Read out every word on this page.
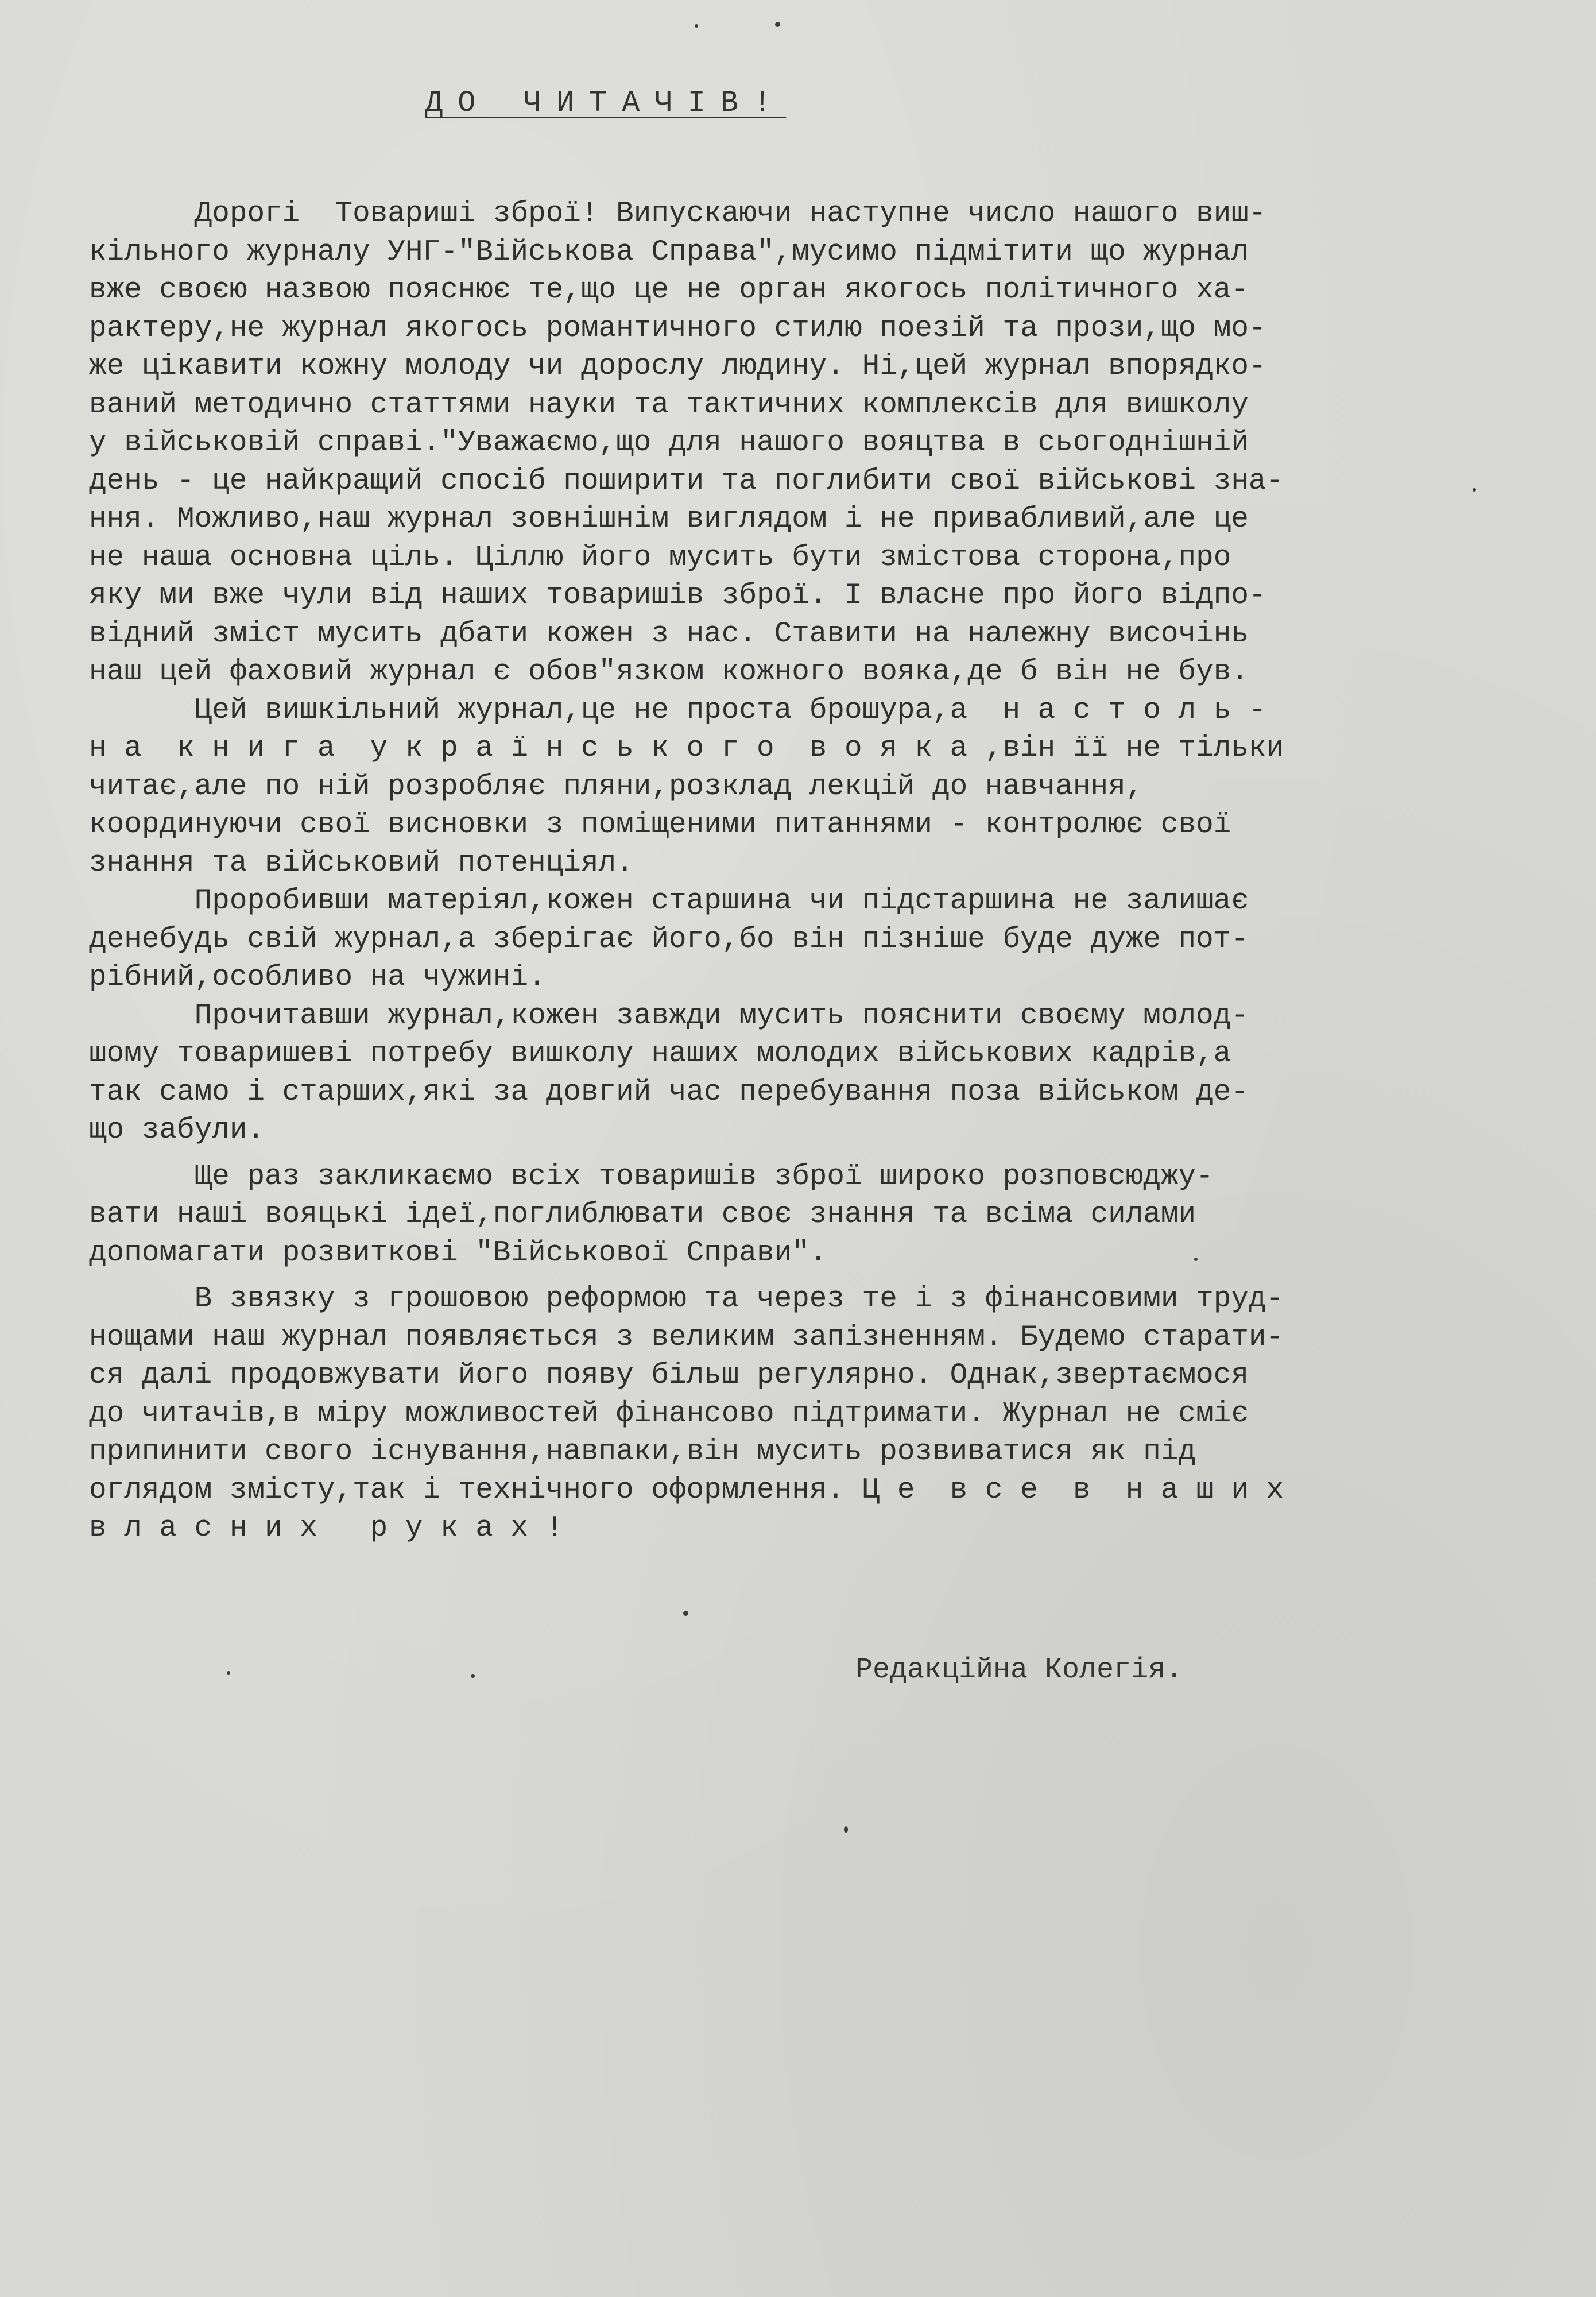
ДО ЧИТАЧІВ!
Дорогі  Товариші зброї! Випускаючи наступне число нашого виш-
кільного журналу УНГ-"Військова Справа",мусимо підмітити що журнал
вже своєю назвою пояснює те,що це не орган якогось політичного ха-
рактеру,не журнал якогось романтичного стилю поезій та прози,що мо-
же цікавити кожну молоду чи дорослу людину. Ні,цей журнал впорядко-
ваний методично статтями науки та тактичних комплексів для вишколу
у військовій справі."Уважаємо,що для нашого вояцтва в сьогоднішній
день - це найкращий спосіб поширити та поглибити свої військові зна-
ння. Можливо,наш журнал зовнішнім виглядом і не привабливий,але це
не наша основна ціль. Ціллю його мусить бути змістова сторона,про
яку ми вже чули від наших товаришів зброї. І власне про його відпо-
відний зміст мусить дбати кожен з нас. Ставити на належну височінь
наш цей фаховий журнал є обов"язком кожного вояка,де б він не був.
Цей вишкільний журнал,це не проста брошура,а  н а с т о л ь -
н а  к н и г а  у к р а ї н с ь к о г о  в о я к а ,він її не тільки
читає,але по ній розробляє пляни,розклад лекцій до навчання,
координуючи свої висновки з поміщеними питаннями - контролює свої
знання та військовий потенціял.
Проробивши матеріял,кожен старшина чи підстаршина не залишає
денебудь свій журнал,а зберігає його,бо він пізніше буде дуже пот-
рібний,особливо на чужині.
Прочитавши журнал,кожен завжди мусить пояснити своєму молод-
шому товаришеві потребу вишколу наших молодих військових кадрів,а
так само і старших,які за довгий час перебування поза військом де-
що забули.
Ще раз закликаємо всіх товаришів зброї широко розповсюджу-
вати наші вояцькі ідеї,поглиблювати своє знання та всіма силами
допомагати розвиткові "Військової Справи".
В звязку з грошовою реформою та через те і з фінансовими труд-
нощами наш журнал появляється з великим запізненням. Будемо старати-
ся далі продовжувати його появу більш регулярно. Однак,звертаємося
до читачів,в міру можливостей фінансово підтримати. Журнал не сміє
припинити свого існування,навпаки,він мусить розвиватися як під
оглядом змісту,так і технічного оформлення. Ц е  в с е  в  н а ш и х
в л а с н и х   р у к а х !
Редакційна Колегія.
